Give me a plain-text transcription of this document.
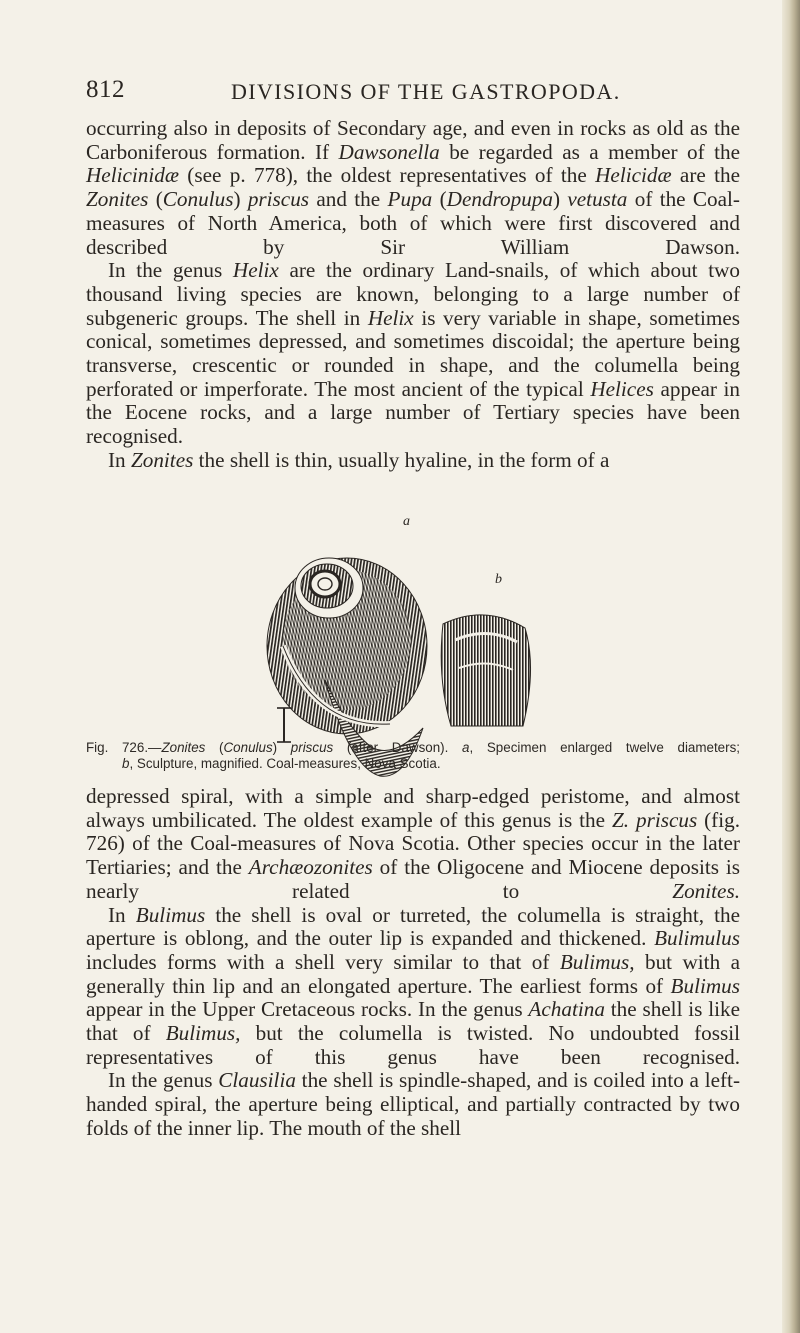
812	DIVISIONS OF THE GASTROPODA.

occurring also in deposits of Secondary age, and even in rocks as old as the Carboniferous formation. If Dawsonella be regarded as a member of the Helicinidæ (see p. 778), the oldest representatives of the Helicidæ are the Zonites (Conulus) priscus and the Pupa (Dendropupa) vetusta of the Coal-measures of North America, both of which were first discovered and described by Sir William Dawson.

In the genus Helix are the ordinary Land-snails, of which about two thousand living species are known, belonging to a large number of subgeneric groups. The shell in Helix is very variable in shape, sometimes conical, sometimes depressed, and sometimes discoidal; the aperture being transverse, crescentic or rounded in shape, and the columella being perforated or imperforate. The most ancient of the typical Helices appear in the Eocene rocks, and a large number of Tertiary species have been recognised.

In Zonites the shell is thin, usually hyaline, in the form of a

a
b
Fig. 726.—Zonites (Conulus) priscus (after Dawson). a, Specimen enlarged twelve diameters;
b, Sculpture, magnified. Coal-measures, Nova Scotia.

depressed spiral, with a simple and sharp-edged peristome, and almost always umbilicated. The oldest example of this genus is the Z. priscus (fig. 726) of the Coal-measures of Nova Scotia. Other species occur in the later Tertiaries; and the Archæozonites of the Oligocene and Miocene deposits is nearly related to Zonites.

In Bulimus the shell is oval or turreted, the columella is straight, the aperture is oblong, and the outer lip is expanded and thickened. Bulimulus includes forms with a shell very similar to that of Bulimus, but with a generally thin lip and an elongated aperture. The earliest forms of Bulimus appear in the Upper Cretaceous rocks. In the genus Achatina the shell is like that of Bulimus, but the columella is twisted. No undoubted fossil representatives of this genus have been recognised.

In the genus Clausilia the shell is spindle-shaped, and is coiled into a left-handed spiral, the aperture being elliptical, and partially contracted by two folds of the inner lip. The mouth of the shell
